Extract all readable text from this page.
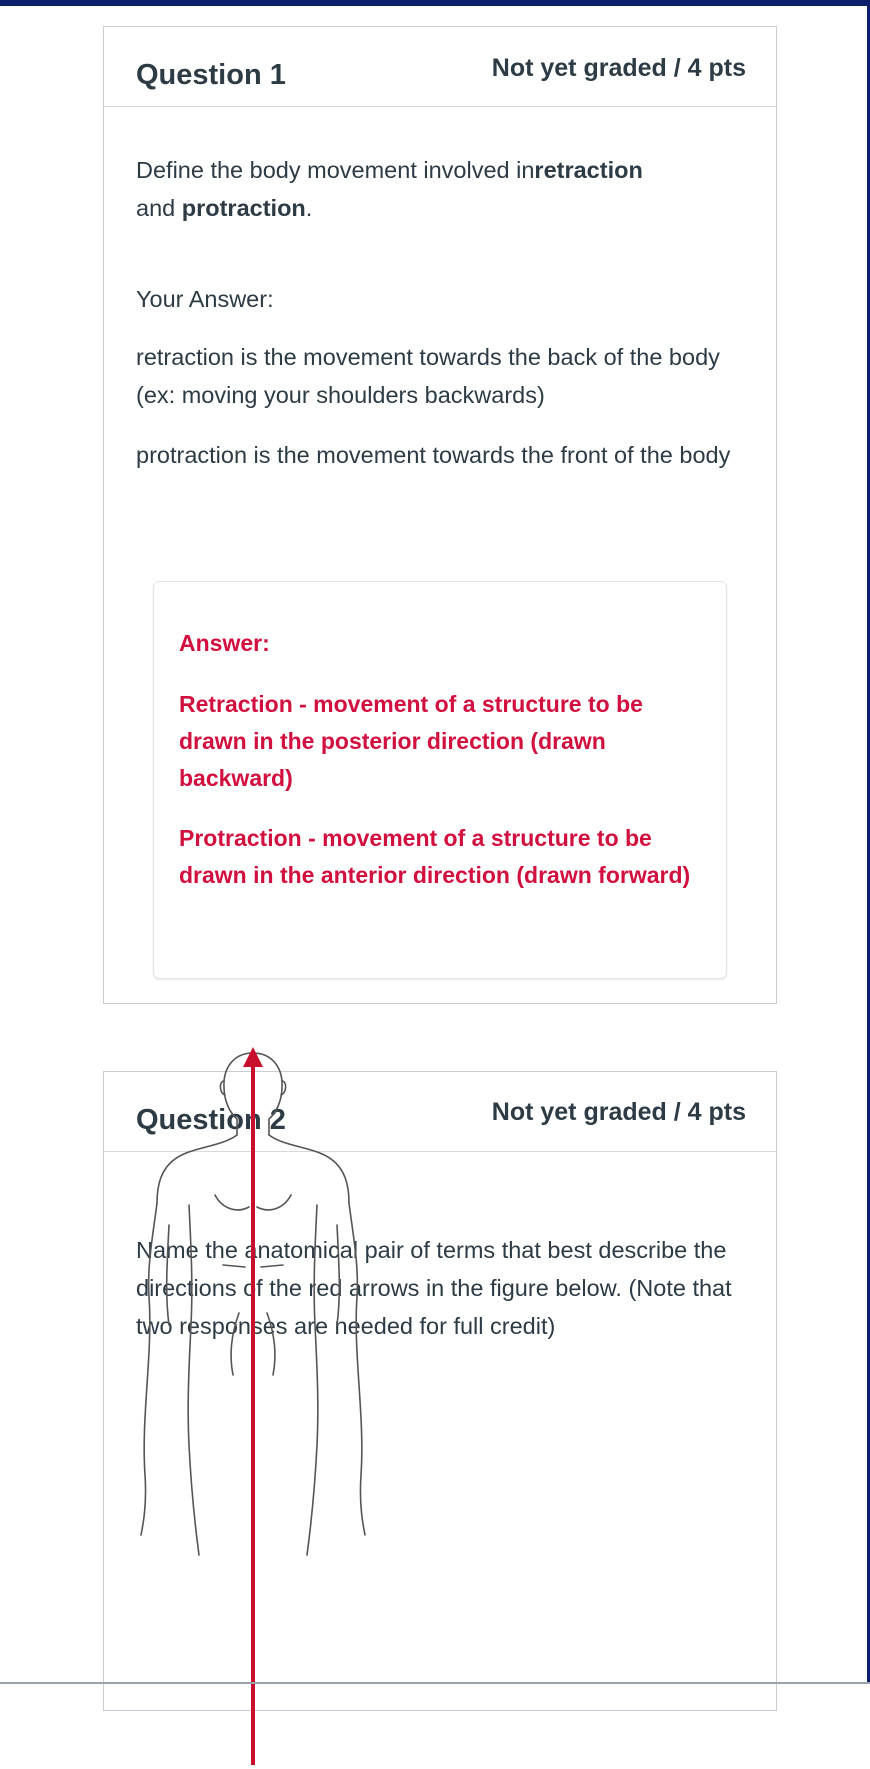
Question 1	Not yet graded / 4 pts
Define the body movement involved inretraction
and protraction.
Your Answer:
retraction is the movement towards the back of the body (ex: moving your shoulders backwards)
protraction is the movement towards the front of the body
Answer:
Retraction - movement of a structure to be drawn in the posterior direction (drawn backward)
Protraction - movement of a structure to be drawn in the anterior direction (drawn forward)
Question 2	Not yet graded / 4 pts
Name the anatomical pair of terms that best describe the directions of the red arrows in the figure below. (Note that two responses are needed for full credit)
